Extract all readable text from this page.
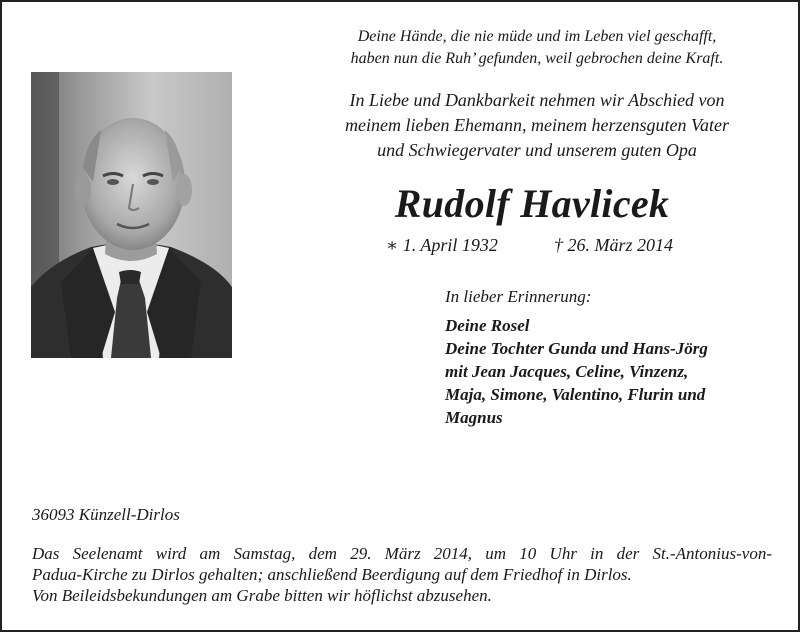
Deine Hände, die nie müde und im Leben viel geschafft,
haben nun die Ruh’ gefunden, weil gebrochen deine Kraft.
In Liebe und Dankbarkeit nehmen wir Abschied von
meinem lieben Ehemann, meinem herzensguten Vater
und Schwiegervater und unserem guten Opa
Rudolf Havlicek
∗ 1. April 1932	† 26. März 2014
In lieber Erinnerung:
Deine Rosel
Deine Tochter Gunda und Hans-Jörg
mit Jean Jacques, Celine, Vinzenz,
Maja, Simone, Valentino, Flurin und
Magnus
36093 Künzell-Dirlos
Das Seelenamt wird am Samstag, dem 29. März 2014, um 10 Uhr in der St.-Antonius-von-
Padua-Kirche zu Dirlos gehalten; anschließend Beerdigung auf dem Friedhof in Dirlos.
Von Beileidsbekundungen am Grabe bitten wir höflichst abzusehen.
